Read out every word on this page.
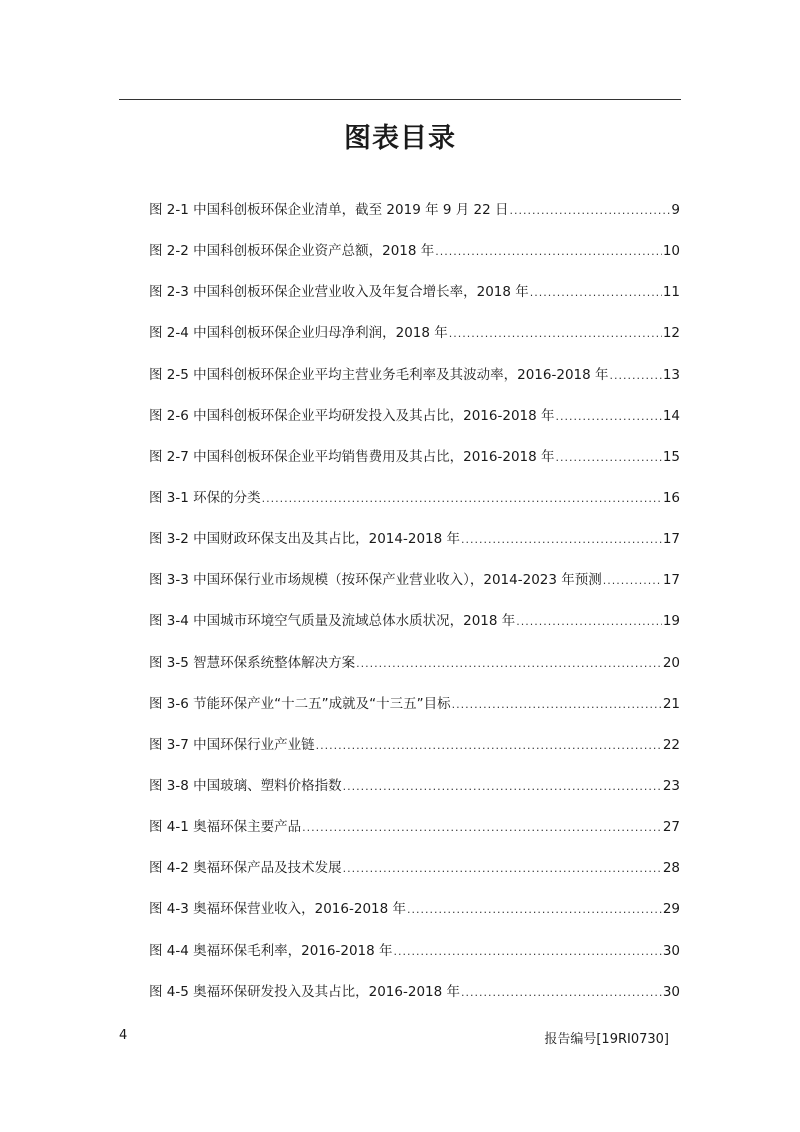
图表目录
图 2-1 中国科创板环保企业清单，截至 2019 年 9 月 22 日 .....	9
图 2-2 中国科创板环保企业资产总额，2018 年 .....	10
图 2-3 中国科创板环保企业营业收入及年复合增长率，2018 年 .....	11
图 2-4 中国科创板环保企业归母净利润，2018 年 .....	12
图 2-5 中国科创板环保企业平均主营业务毛利率及其波动率，2016-2018 年 .....	13
图 2-6 中国科创板环保企业平均研发投入及其占比，2016-2018 年 .....	14
图 2-7 中国科创板环保企业平均销售费用及其占比，2016-2018 年 .....	15
图 3-1 环保的分类 .....	16
图 3-2 中国财政环保支出及其占比，2014-2018 年 .....	17
图 3-3 中国环保行业市场规模（按环保产业营业收入），2014-2023 年预测 .....	17
图 3-4 中国城市环境空气质量及流域总体水质状况，2018 年 .....	19
图 3-5 智慧环保系统整体解决方案 .....	20
图 3-6 节能环保产业“十二五”成就及“十三五”目标 .....	21
图 3-7 中国环保行业产业链 .....	22
图 3-8 中国玻璃、塑料价格指数 .....	23
图 4-1 奥福环保主要产品 .....	27
图 4-2 奥福环保产品及技术发展 .....	28
图 4-3 奥福环保营业收入，2016-2018 年 .....	29
图 4-4 奥福环保毛利率，2016-2018 年 .....	30
图 4-5 奥福环保研发投入及其占比，2016-2018 年 .....	30
4	报告编号[19RI0730]
